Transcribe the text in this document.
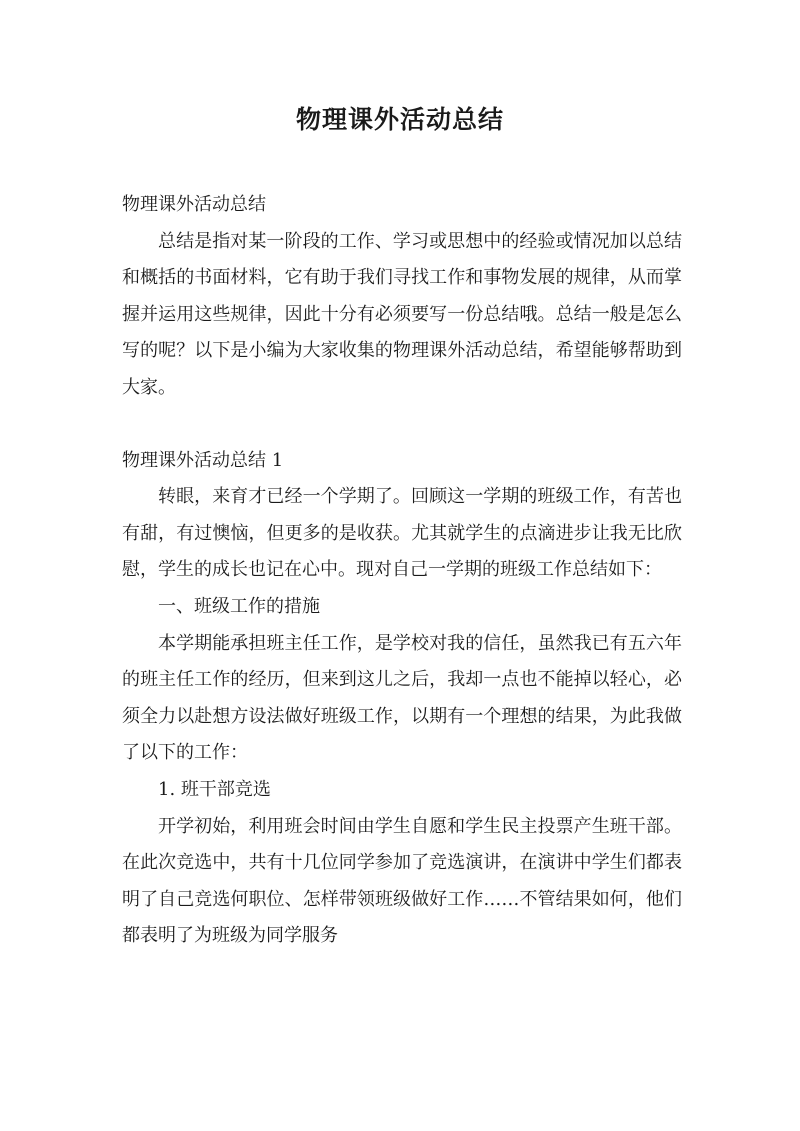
物理课外活动总结

物理课外活动总结

总结是指对某一阶段的工作、学习或思想中的经验或情况加以总结和概括的书面材料，它有助于我们寻找工作和事物发展的规律，从而掌握并运用这些规律，因此十分有必须要写一份总结哦。总结一般是怎么写的呢？以下是小编为大家收集的物理课外活动总结，希望能够帮助到大家。

物理课外活动总结 1

转眼，来育才已经一个学期了。回顾这一学期的班级工作，有苦也有甜，有过懊恼，但更多的是收获。尤其就学生的点滴进步让我无比欣慰，学生的成长也记在心中。现对自己一学期的班级工作总结如下：

一、班级工作的措施

本学期能承担班主任工作，是学校对我的信任，虽然我已有五六年的班主任工作的经历，但来到这儿之后，我却一点也不能掉以轻心，必须全力以赴想方设法做好班级工作，以期有一个理想的结果，为此我做了以下的工作：

1. 班干部竞选

开学初始，利用班会时间由学生自愿和学生民主投票产生班干部。在此次竞选中，共有十几位同学参加了竞选演讲，在演讲中学生们都表明了自己竞选何职位、怎样带领班级做好工作……不管结果如何，他们都表明了为班级为同学服务
